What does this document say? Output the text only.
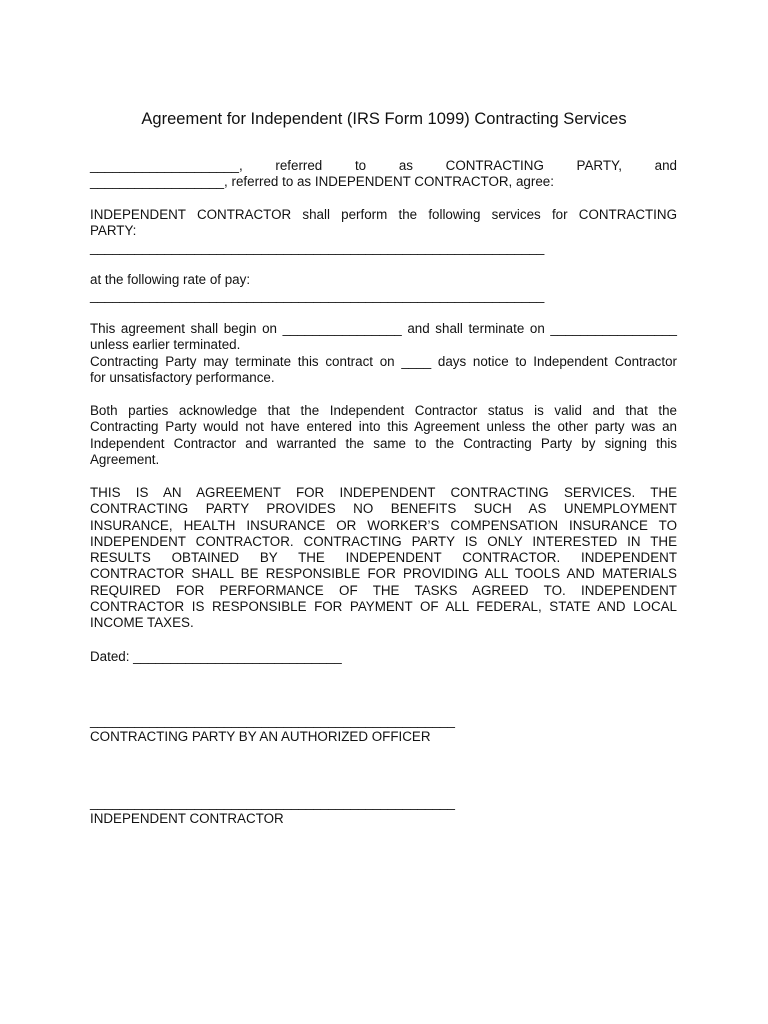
Agreement for Independent (IRS Form 1099) Contracting Services
____________________, referred to as CONTRACTING PARTY, and
__________________, referred to as INDEPENDENT CONTRACTOR, agree:
INDEPENDENT CONTRACTOR shall perform the following services for CONTRACTING
PARTY:
_____________________________________________________________
at the following rate of pay:
_____________________________________________________________
This agreement shall begin on ________________ and shall terminate on _________________
unless earlier terminated.
Contracting Party may terminate this contract on ____ days notice to Independent Contractor
for unsatisfactory performance.
Both parties acknowledge that the Independent Contractor status is valid and that the
Contracting Party would not have entered into this Agreement unless the other party was an
Independent Contractor and warranted the same to the Contracting Party by signing this
Agreement.
THIS IS AN AGREEMENT FOR INDEPENDENT CONTRACTING SERVICES. THE
CONTRACTING PARTY PROVIDES NO BENEFITS SUCH AS UNEMPLOYMENT
INSURANCE, HEALTH INSURANCE OR WORKER’S COMPENSATION INSURANCE TO
INDEPENDENT CONTRACTOR. CONTRACTING PARTY IS ONLY INTERESTED IN THE
RESULTS OBTAINED BY THE INDEPENDENT CONTRACTOR. INDEPENDENT
CONTRACTOR SHALL BE RESPONSIBLE FOR PROVIDING ALL TOOLS AND MATERIALS
REQUIRED FOR PERFORMANCE OF THE TASKS AGREED TO. INDEPENDENT
CONTRACTOR IS RESPONSIBLE FOR PAYMENT OF ALL FEDERAL, STATE AND LOCAL
INCOME TAXES.
Dated: ____________________________
_________________________________________________
CONTRACTING PARTY BY AN AUTHORIZED OFFICER
_________________________________________________
INDEPENDENT CONTRACTOR
